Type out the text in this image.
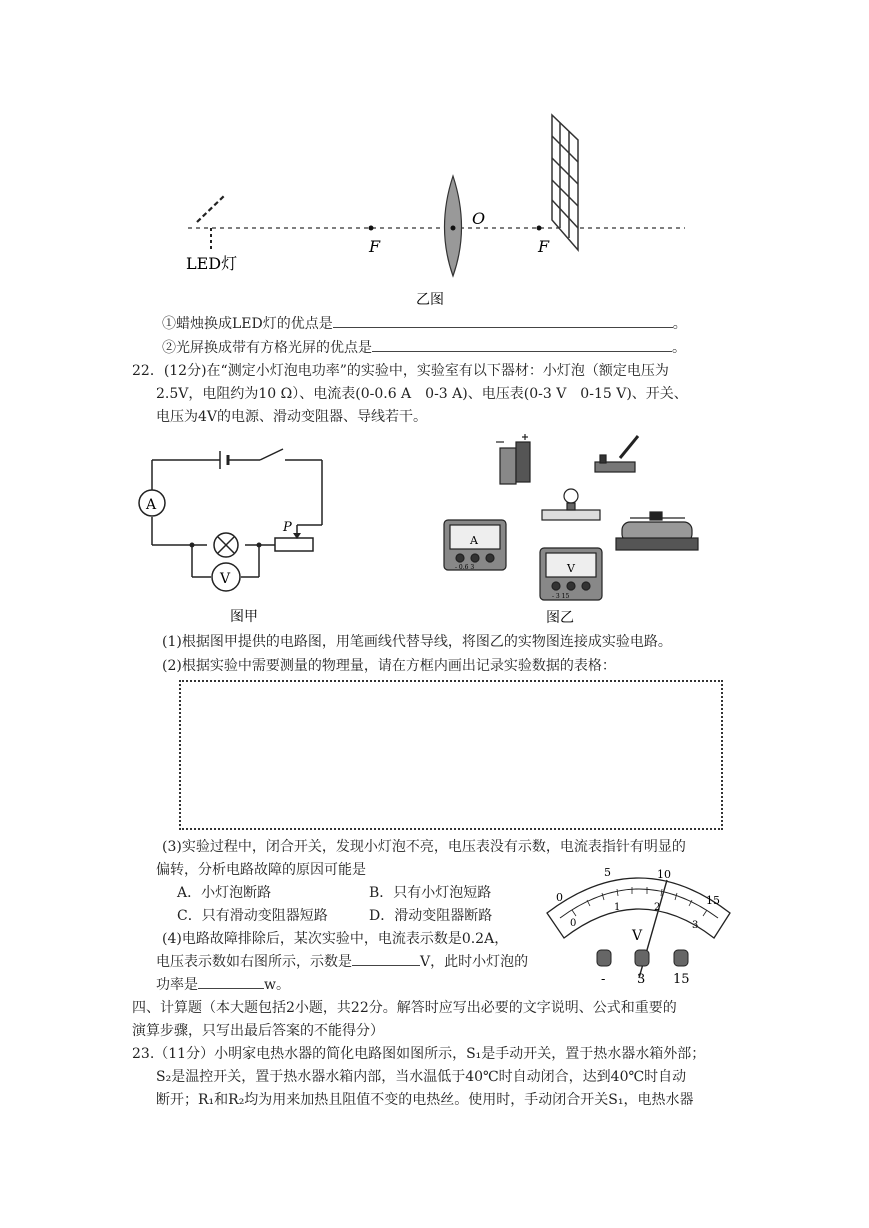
LED灯
F	F
O
乙图
①蜡烛换成LED灯的优点是	。
②光屏换成带有方格光屏的优点是	。
22．(12分)在“测定小灯泡电功率”的实验中，实验室有以下器材：小灯泡（额定电压为
2.5V，电阻约为10 Ω）、电流表(0-0.6 A　0-3 A)、电压表(0-3 V　0-15 V)、开关、
电压为4V的电源、滑动变阻器、导线若干。
A
V
P
图甲
A
- 0.6 3	V
- 3 15
图乙
(1)根据图甲提供的电路图，用笔画线代替导线，将图乙的实物图连接成实验电路。
(2)根据实验中需要测量的物理量，请在方框内画出记录实验数据的表格：
(3)实验过程中，闭合开关，发现小灯泡不亮，电压表没有示数，电流表指针有明显的
偏转，分析电路故障的原因可能是
A．小灯泡断路	B．只有小灯泡短路
C．只有滑动变阻器短路	D．滑动变阻器断路
(4)电路故障排除后，某次实验中，电流表示数是0.2A，
电压表示数如右图所示，示数是	V，此时小灯泡的
功率是	w。
0
5	10
15
0
1	2
3
V
- 3 15
四、计算题（本大题包括2小题，共22分。解答时应写出必要的文字说明、公式和重要的
演算步骤，只写出最后答案的不能得分）
23.（11分）小明家电热水器的简化电路图如图所示，S₁是手动开关，置于热水器水箱外部；
S₂是温控开关，置于热水器水箱内部，当水温低于40℃时自动闭合，达到40℃时自动
断开；R₁和R₂均为用来加热且阻值不变的电热丝。使用时，手动闭合开关S₁，电热水器
